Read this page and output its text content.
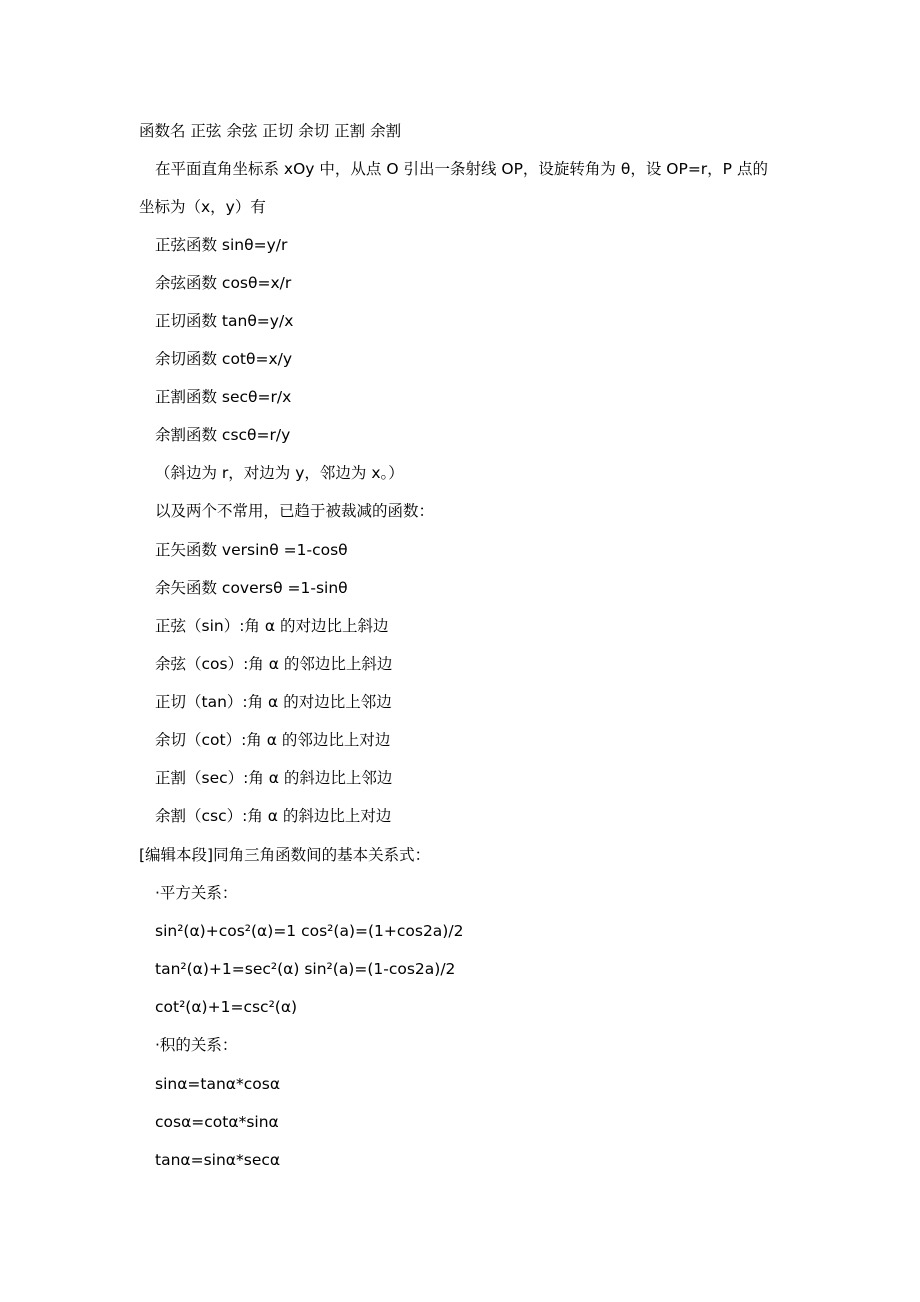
函数名 正弦 余弦 正切 余切 正割 余割
在平面直角坐标系 xOy 中，从点 O 引出一条射线 OP，设旋转角为 θ，设 OP=r，P 点的
坐标为（x，y）有
正弦函数 sinθ=y/r
余弦函数 cosθ=x/r
正切函数 tanθ=y/x
余切函数 cotθ=x/y
正割函数 secθ=r/x
余割函数 cscθ=r/y
（斜边为 r，对边为 y，邻边为 x。）
以及两个不常用，已趋于被裁减的函数：
正矢函数 versinθ =1-cosθ
余矢函数 coversθ =1-sinθ
正弦（sin）:角 α 的对边比上斜边
余弦（cos）:角 α 的邻边比上斜边
正切（tan）:角 α 的对边比上邻边
余切（cot）:角 α 的邻边比上对边
正割（sec）:角 α 的斜边比上邻边
余割（csc）:角 α 的斜边比上对边
[编辑本段]同角三角函数间的基本关系式：
·平方关系：
sin²(α)+cos²(α)=1 cos²(a)=(1+cos2a)/2
tan²(α)+1=sec²(α) sin²(a)=(1-cos2a)/2
cot²(α)+1=csc²(α)
·积的关系：
sinα=tanα*cosα
cosα=cotα*sinα
tanα=sinα*secα
